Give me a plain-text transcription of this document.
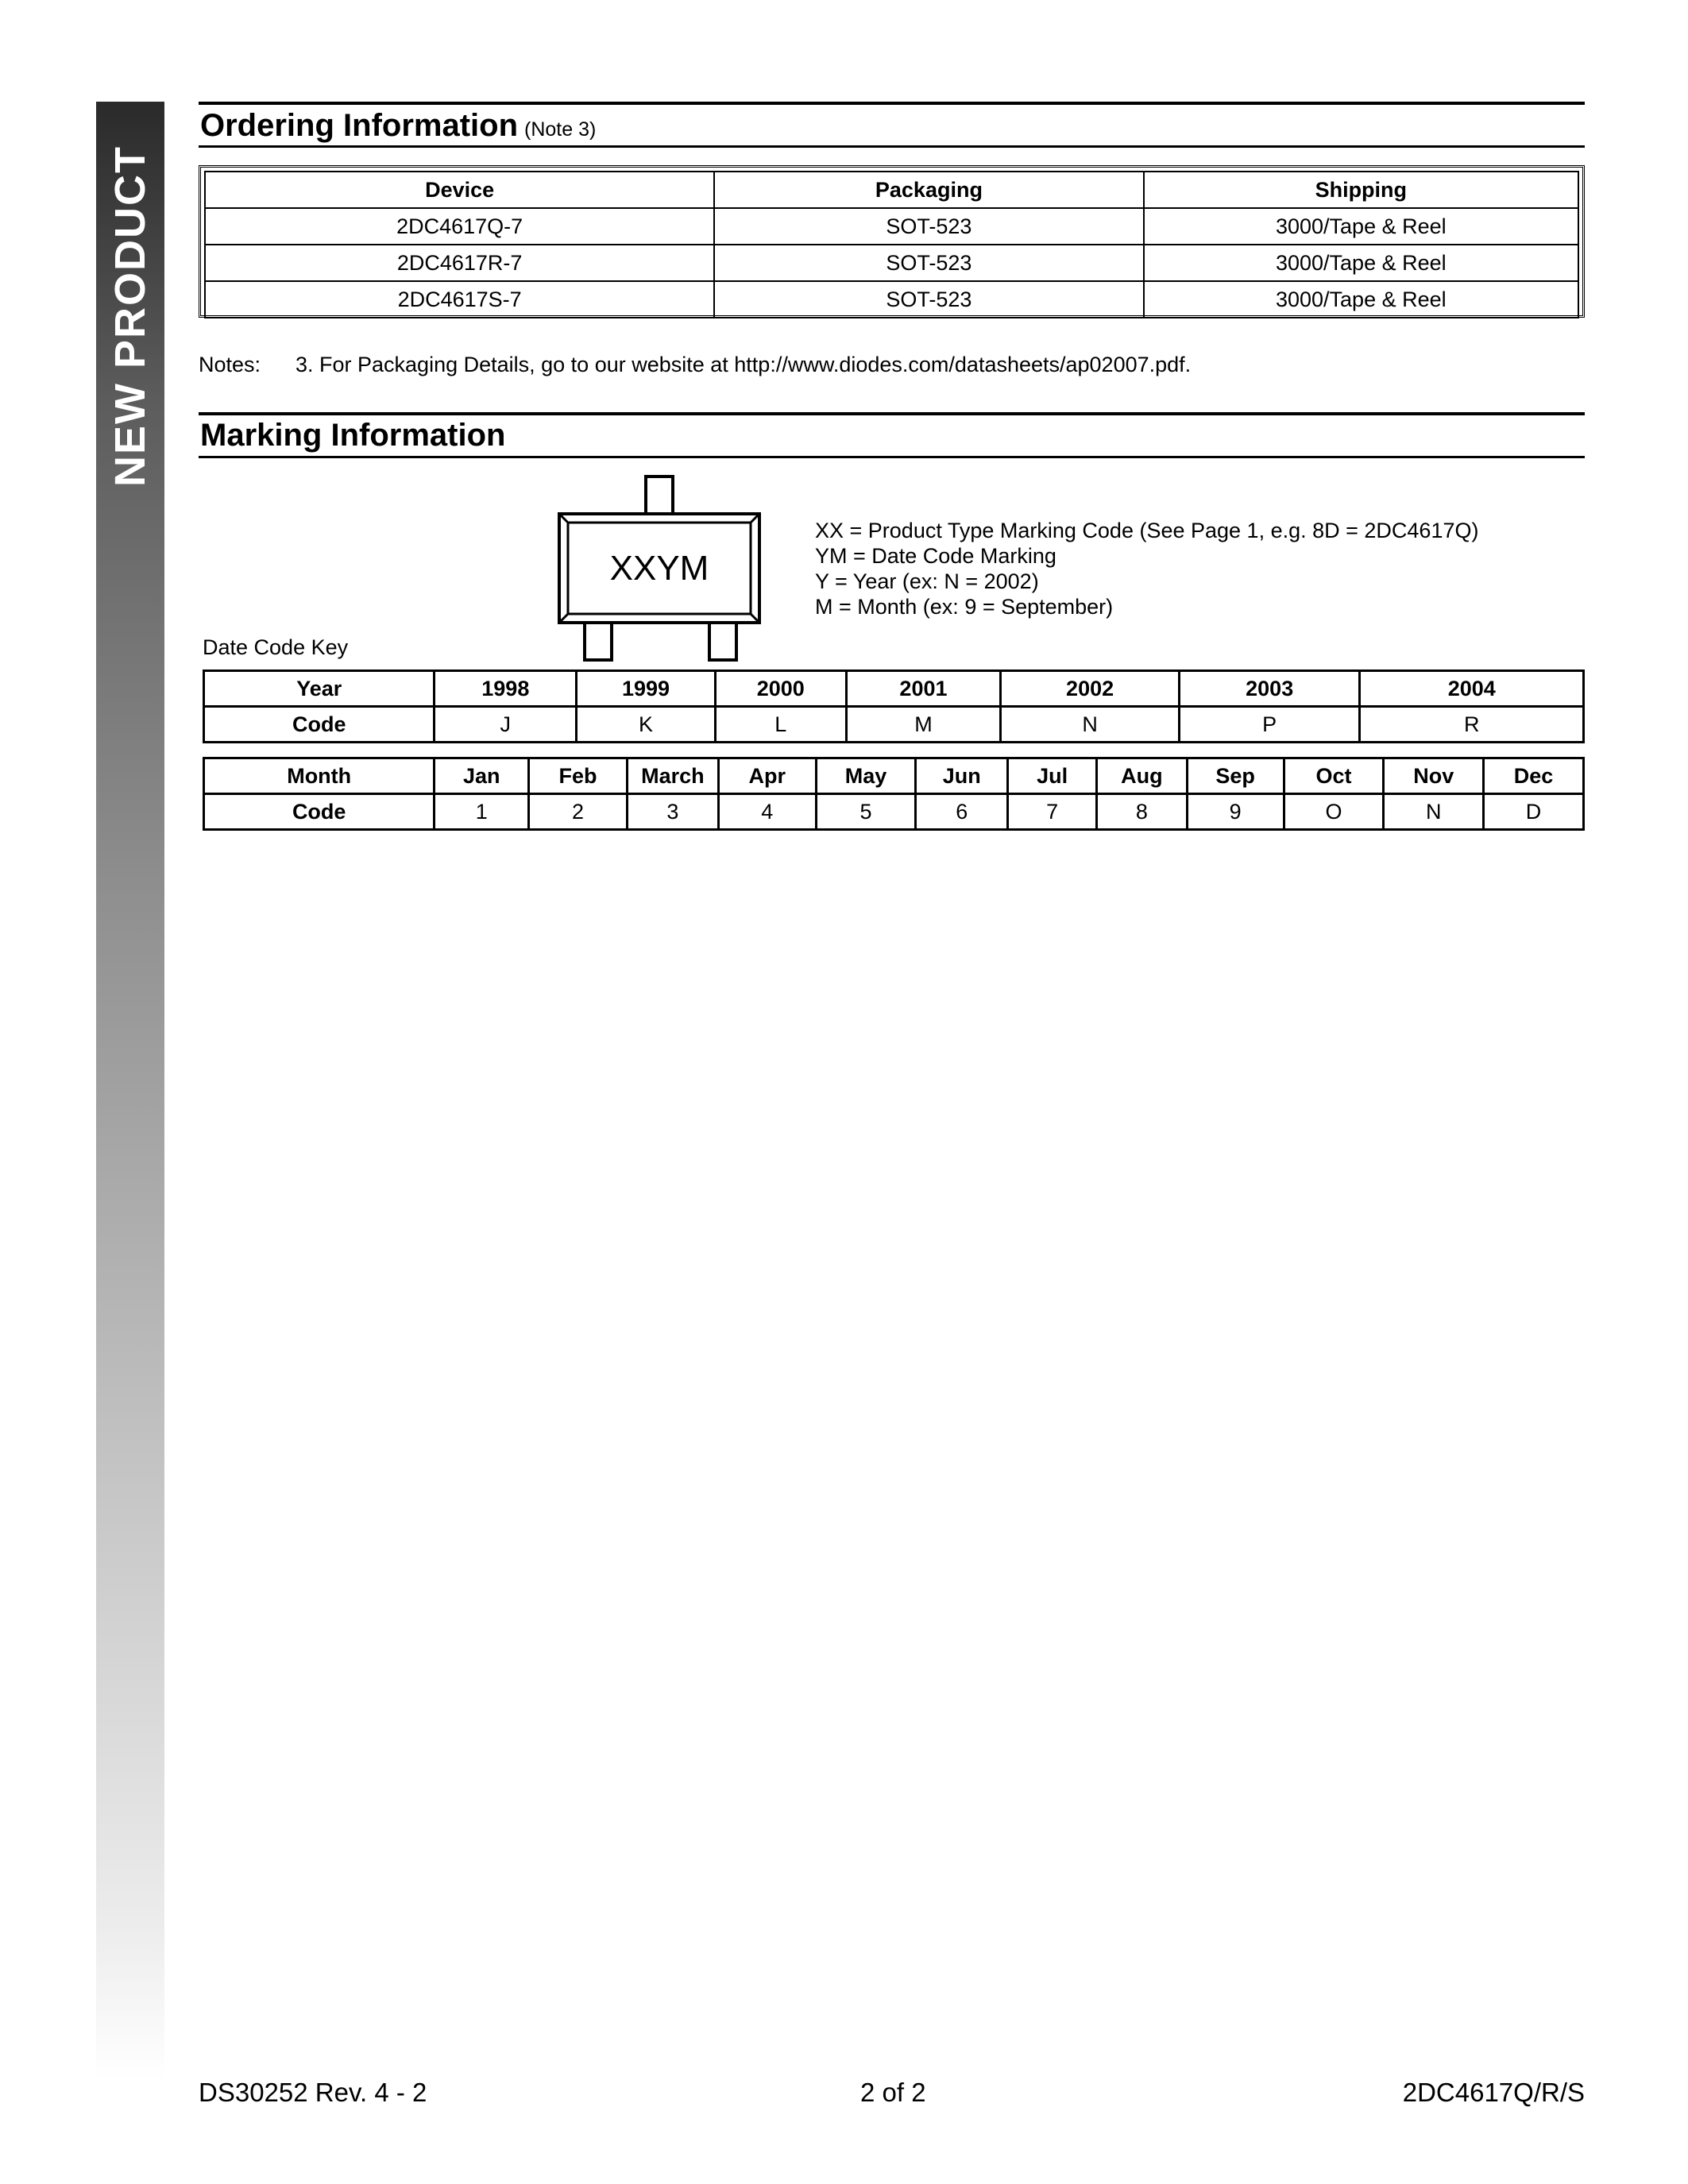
NEW PRODUCT
Ordering Information (Note 3)
Device	Packaging	Shipping
2DC4617Q-7	SOT-523	3000/Tape & Reel
2DC4617R-7	SOT-523	3000/Tape & Reel
2DC4617S-7	SOT-523	3000/Tape & Reel
Notes: 3. For Packaging Details, go to our website at http://www.diodes.com/datasheets/ap02007.pdf.
Marking Information
XXYM
XX = Product Type Marking Code (See Page 1, e.g. 8D = 2DC4617Q)
YM = Date Code Marking
Y = Year (ex: N = 2002)
M = Month (ex: 9 = September)
Date Code Key
Year	1998	1999	2000	2001	2002	2003	2004
Code	J	K	L	M	N	P	R
Month	Jan	Feb	March	Apr	May	Jun	Jul	Aug	Sep	Oct	Nov	Dec
Code	1	2	3	4	5	6	7	8	9	O	N	D
DS30252 Rev. 4 - 2	2 of 2	2DC4617Q/R/S
